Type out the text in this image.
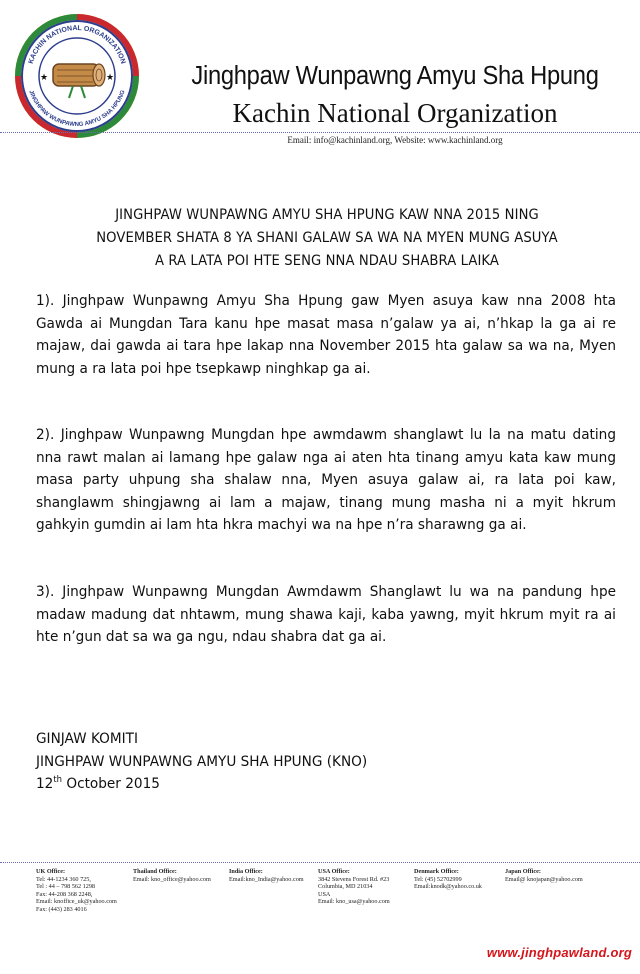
KACHIN NATIONAL ORGANIZATION
JINGHPAW WUNPAWNG AMYU SHA HPUNG
★	★	Jinghpaw Wunpawng Amyu Sha Hpung
Kachin National Organization
Email: info@kachinland.org, Website: www.kachinland.org
JINGHPAW WUNPAWNG AMYU SHA HPUNG KAW NNA 2015 NING
NOVEMBER SHATA 8 YA SHANI GALAW SA WA NA MYEN MUNG ASUYA
A RA LATA POI HTE SENG NNA NDAU SHABRA LAIKA
1). Jinghpaw Wunpawng Amyu Sha Hpung gaw Myen asuya kaw nna 2008 hta Gawda ai Mungdan Tara kanu hpe masat masa n’galaw ya ai, n’hkap la ga ai re majaw, dai gawda ai tara hpe lakap nna November 2015 hta galaw sa wa na, Myen mung a ra lata poi hpe tsepkawp ninghkap ga ai.
2). Jinghpaw Wunpawng Mungdan hpe awmdawm shanglawt lu la na matu dating nna rawt malan ai lamang hpe galaw nga ai aten hta tinang amyu kata kaw mung masa party uhpung sha shalaw nna, Myen asuya galaw ai, ra lata poi kaw, shanglawm shingjawng ai lam a majaw, tinang mung masha ni a myit hkrum gahkyin gumdin ai lam hta hkra machyi wa na hpe n’ra sharawng ga ai.
3). Jinghpaw Wunpawng Mungdan Awmdawm Shanglawt lu wa na pandung hpe madaw madung dat nhtawm, mung shawa kaji, kaba yawng, myit hkrum myit ra ai hte n’gun dat sa wa ga ngu, ndau shabra dat ga ai.
GINJAW KOMITI
JINGHPAW WUNPAWNG AMYU SHA HPUNG (KNO)
12th October 2015
UK Office:
Tel: 44-1234 360 725,
Tel : 44 – 798 562 1298
Fax: 44-208 368 2248,
Email: knoffice_uk@yahoo.com
Fax: (443) 283 4016
Thailand Office:
Email: kno_office@yahoo.com
India Office:
Email:kno_India@yahoo.com
USA Office:
3842 Stevens Forest Rd. #23
Columbia, MD 21034
USA
Email: kno_usa@yahoo.com
Denmark Office:
Tel: (45) 52702999
Email:knodk@yahoo.co.uk
Japan Office:
Email@ knojapan@yahoo.com
www.jinghpawland.org
